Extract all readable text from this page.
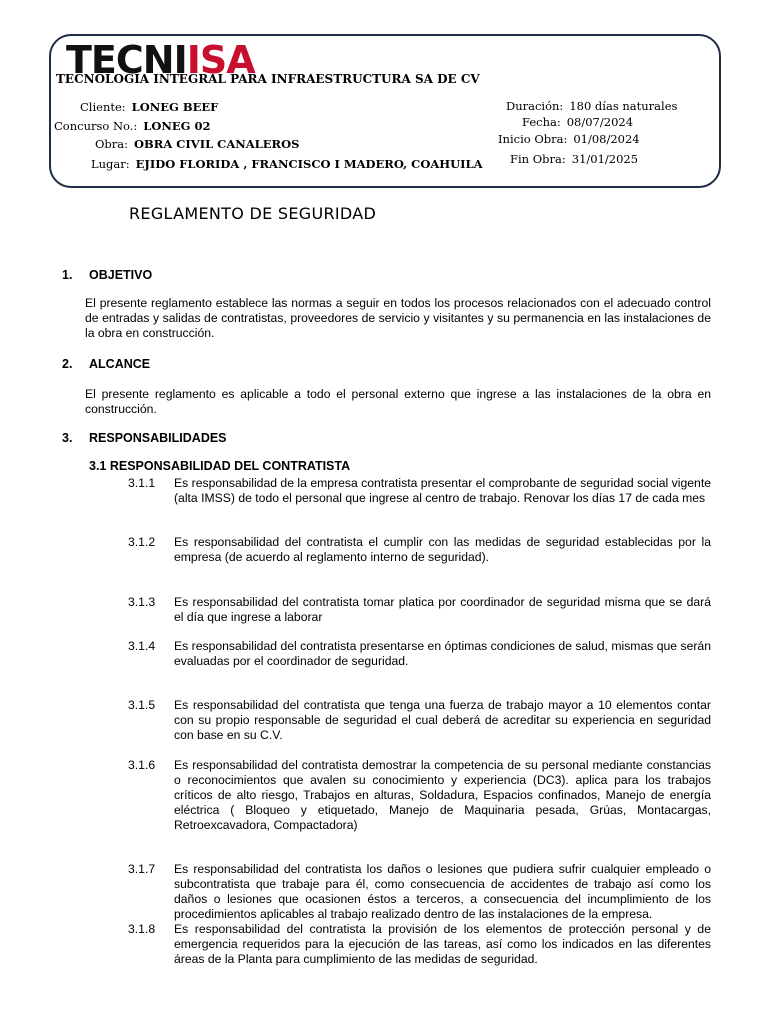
TECNIISA
TECNOLOGIA INTEGRAL PARA INFRAESTRUCTURA SA DE CV
Cliente: LONEG BEEF
Concurso No.: LONEG 02
Obra: OBRA CIVIL CANALEROS
Lugar: EJIDO FLORIDA , FRANCISCO I MADERO, COAHUILA
Duración: 180 días naturales
Fecha: 08/07/2024
Inicio Obra: 01/08/2024
Fin Obra: 31/01/2025
REGLAMENTO DE SEGURIDAD
1. OBJETIVO
El presente reglamento establece las normas a seguir en todos los procesos relacionados con el adecuado control de entradas y salidas de contratistas, proveedores de servicio y visitantes y su permanencia en las instalaciones de la obra en construcción.
2. ALCANCE
El presente reglamento es aplicable a todo el personal externo que ingrese a las instalaciones de la obra en construcción.
3. RESPONSABILIDADES
3.1 RESPONSABILIDAD DEL CONTRATISTA
3.1.1	Es responsabilidad de la empresa contratista presentar el comprobante de seguridad social vigente (alta IMSS) de todo el personal que ingrese al centro de trabajo. Renovar los días 17 de cada mes
3.1.2	Es responsabilidad del contratista el cumplir con las medidas de seguridad establecidas por la empresa (de acuerdo al reglamento interno de seguridad).
3.1.3	Es responsabilidad del contratista tomar platica por coordinador de seguridad misma que se dará el día que ingrese a laborar
3.1.4	Es responsabilidad del contratista presentarse en óptimas condiciones de salud, mismas que serán evaluadas por el coordinador de seguridad.
3.1.5	Es responsabilidad del contratista que tenga una fuerza de trabajo mayor a 10 elementos contar con su propio responsable de seguridad el cual deberá de acreditar su experiencia en seguridad con base en su C.V.
3.1.6	Es responsabilidad del contratista demostrar la competencia de su personal mediante constancias o reconocimientos que avalen su conocimiento y experiencia (DC3). aplica para los trabajos críticos de alto riesgo, Trabajos en alturas, Soldadura, Espacios confinados, Manejo de energía eléctrica ( Bloqueo y etiquetado, Manejo de Maquinaria pesada, Grúas, Montacargas, Retroexcavadora, Compactadora)
3.1.7	Es responsabilidad del contratista los daños o lesiones que pudiera sufrir cualquier empleado o subcontratista que trabaje para él, como consecuencia de accidentes de trabajo así como los daños o lesiones que ocasionen éstos a terceros, a consecuencia del incumplimiento de los procedimientos aplicables al trabajo realizado dentro de las instalaciones de la empresa.
3.1.8	Es responsabilidad del contratista la provisión de los elementos de protección personal y de emergencia requeridos para la ejecución de las tareas, así como los indicados en las diferentes áreas de la Planta para cumplimiento de las medidas de seguridad.
